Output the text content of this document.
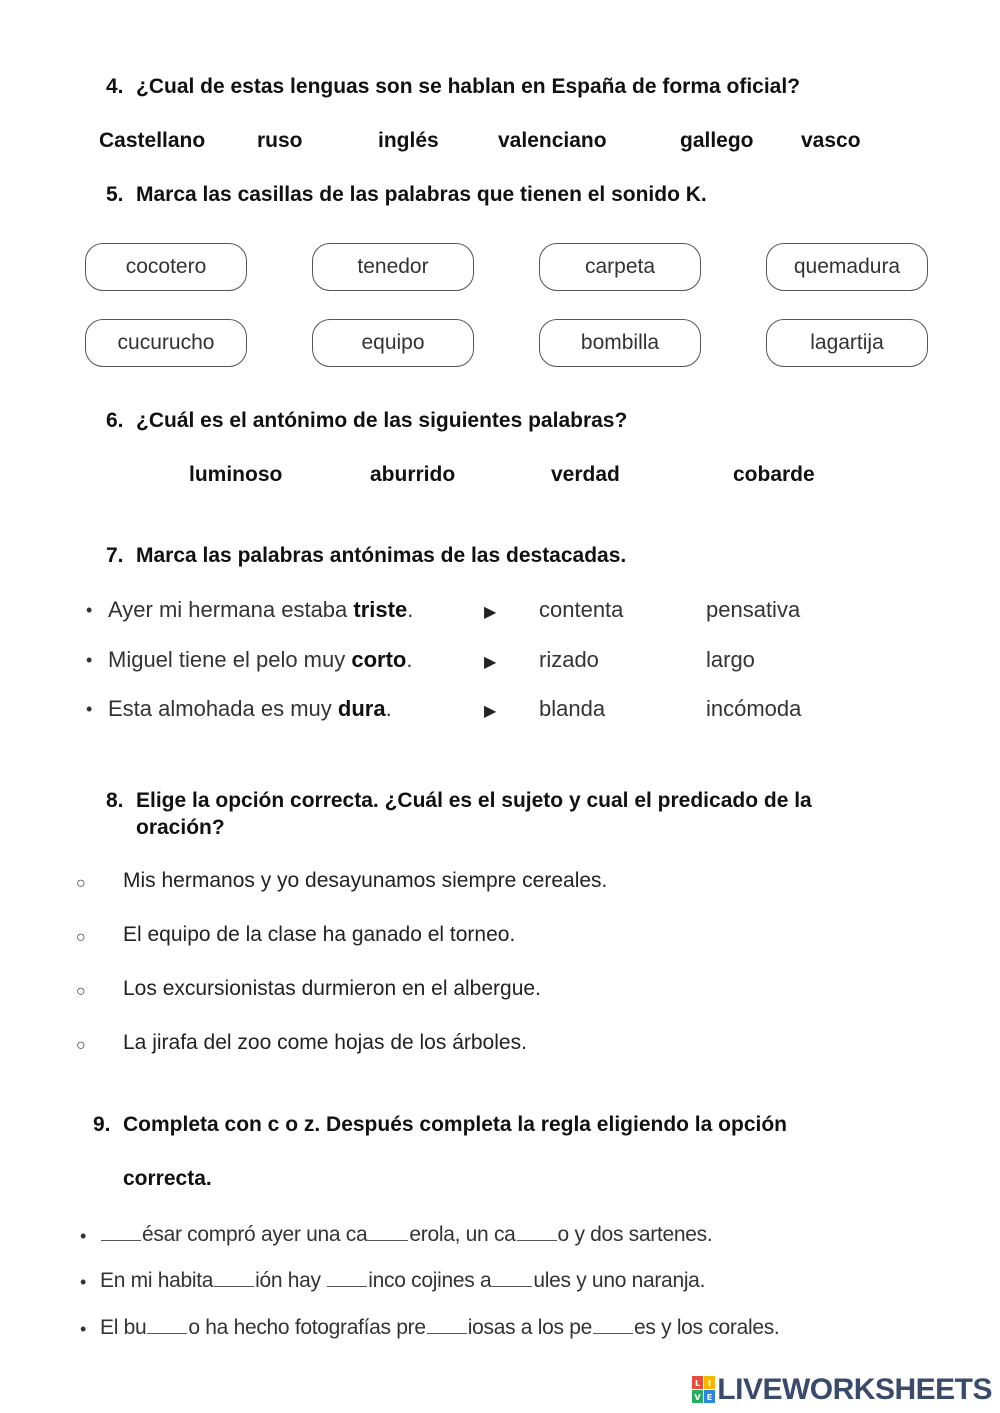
4. ¿Cual de estas lenguas son se hablan en España de forma oficial?
Castellano ruso	inglés	valenciano	gallego vasco
5. Marca las casillas de las palabras que tienen el sonido K.
cocotero	tenedor	carpeta	quemadura
cucurucho	equipo	bombilla	lagartija
6. ¿Cuál es el antónimo de las siguientes palabras?
luminoso	aburrido	verdad	cobarde
7. Marca las palabras antónimas de las destacadas.
• Ayer mi hermana estaba triste.	▶ contenta	pensativa
• Miguel tiene el pelo muy corto.	▶ rizado	largo
• Esta almohada es muy dura.	▶ blanda	incómoda
8. Elige la opción correcta. ¿Cuál es el sujeto y cual el predicado de la
oración?
○ Mis hermanos y yo desayunamos siempre cereales.
○ El equipo de la clase ha ganado el torneo.
○ Los excursionistas durmieron en el albergue.
○ La jirafa del zoo come hojas de los árboles.
9. Completa con c o z. Después completa la regla eligiendo la opción
correcta.
•	ésar compró ayer una ca erola, un ca o y dos sartenes.
• En mi habita ión hay inco cojines a ules y uno naranja.
• El bu o ha hecho fotografías pre iosas a los pe es y los corales.
L I
V E LIVEWORKSHEETS
